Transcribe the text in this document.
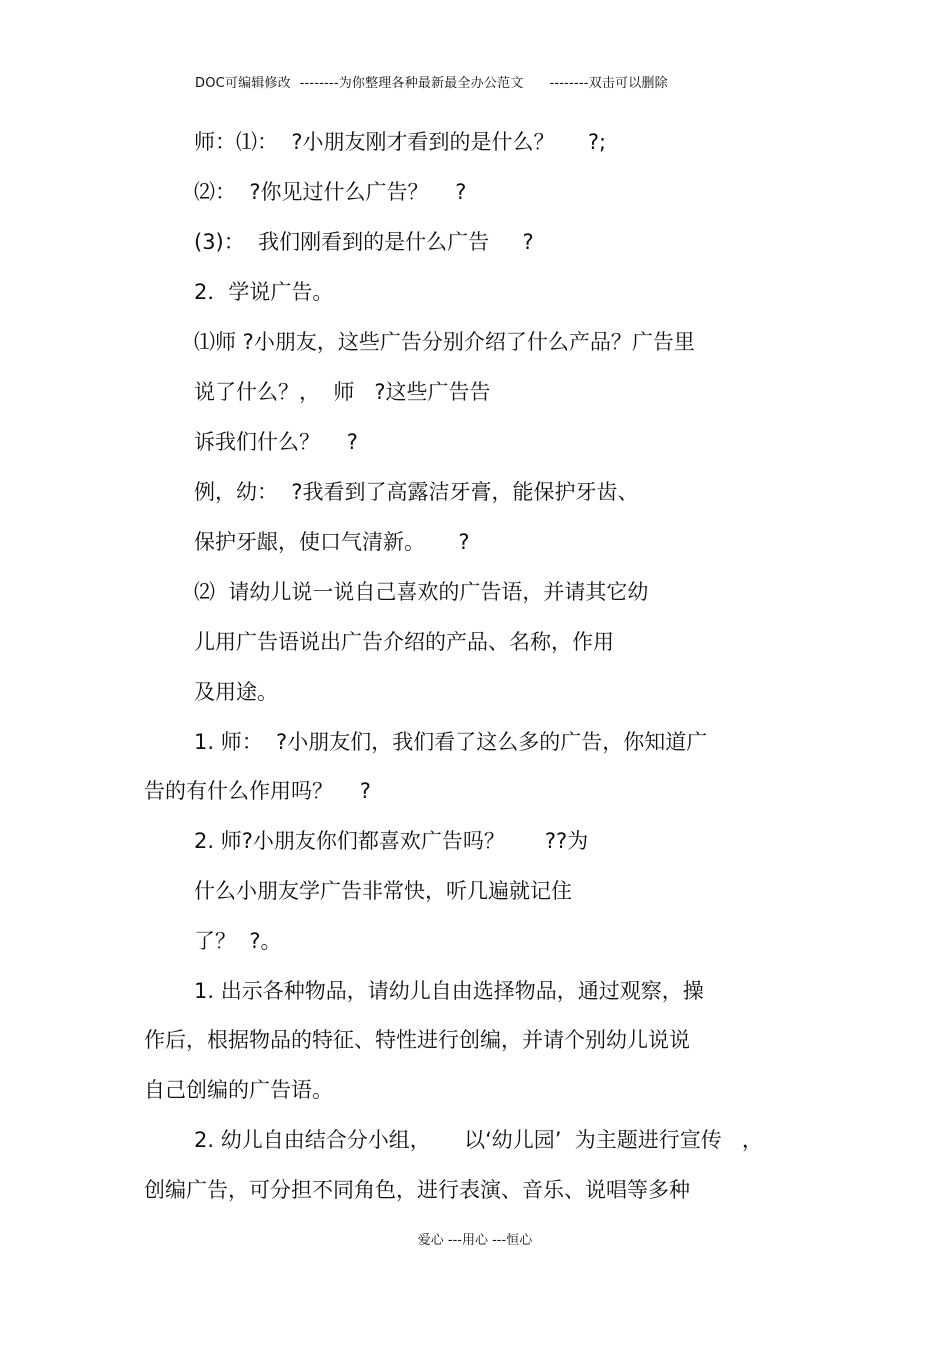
DOC可编辑修改  --------为你整理各种最新最全办公范文      --------双击可以删除
师：⑴：  ?小朋友刚才看到的是什么？     ?;
⑵：  ?你见过什么广告？    ?
(3)：  我们刚看到的是什么广告     ?
2．学说广告。
⑴师 ?小朋友，这些广告分别介绍了什么产品？广告里
说了什么？，  师   ?这些广告告
诉我们什么？    ?
例，幼：  ?我看到了高露洁牙膏，能保护牙齿、
保护牙龈，使口气清新。     ?
⑵  请幼儿说一说自己喜欢的广告语，并请其它幼
儿用广告语说出广告介绍的产品、名称，作用
及用途。
1. 师：  ?小朋友们，我们看了这么多的广告，你知道广
告的有什么作用吗？    ?
2. 师?小朋友你们都喜欢广告吗？      ??为
什么小朋友学广告非常快，听几遍就记住
了？  ?。
1. 出示各种物品，请幼儿自由选择物品，通过观察，操
作后，根据物品的特征、特性进行创编，并请个别幼儿说说
自己创编的广告语。
2. 幼儿自由结合分小组，     以‘幼儿园’  为主题进行宣传   ，
创编广告，可分担不同角色，进行表演、音乐、说唱等多种
爱心 ---用心 ---恒心
